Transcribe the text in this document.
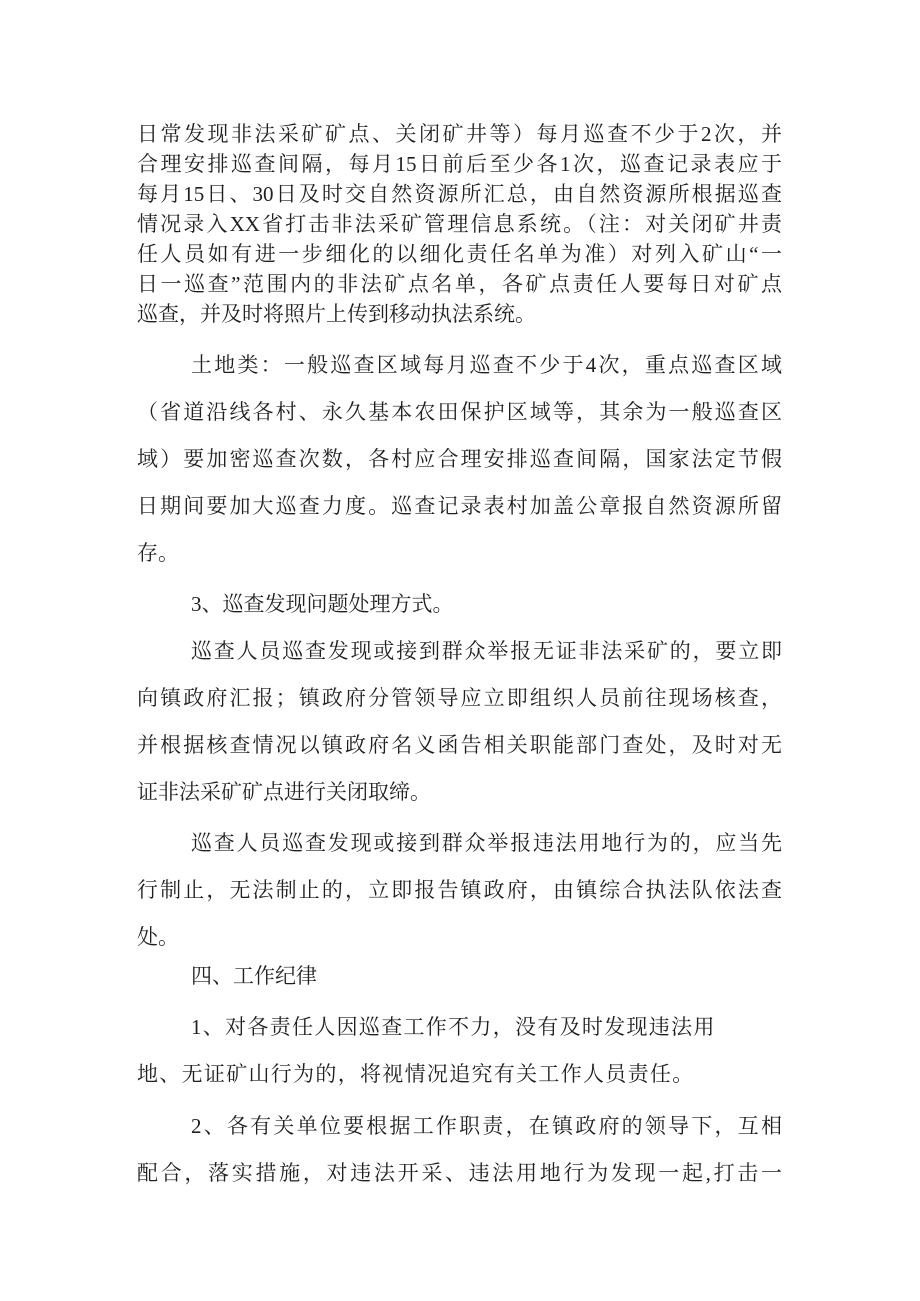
日常发现非法采矿矿点、关闭矿井等）每月巡查不少于2次，并
合理安排巡查间隔，每月15日前后至少各1次，巡查记录表应于
每月15日、30日及时交自然资源所汇总，由自然资源所根据巡查
情况录入XX省打击非法采矿管理信息系统。（注：对关闭矿井责
任人员如有进一步细化的以细化责任名单为准）对列入矿山“一
日一巡查”范围内的非法矿点名单，各矿点责任人要每日对矿点
巡查，并及时将照片上传到移动执法系统。
土地类：一般巡查区域每月巡查不少于4次，重点巡查区域
（省道沿线各村、永久基本农田保护区域等，其余为一般巡查区
域）要加密巡查次数，各村应合理安排巡查间隔，国家法定节假
日期间要加大巡查力度。巡查记录表村加盖公章报自然资源所留
存。
3、巡查发现问题处理方式。
巡查人员巡查发现或接到群众举报无证非法采矿的，要立即
向镇政府汇报；镇政府分管领导应立即组织人员前往现场核查，
并根据核查情况以镇政府名义函告相关职能部门查处，及时对无
证非法采矿矿点进行关闭取缔。
巡查人员巡查发现或接到群众举报违法用地行为的，应当先
行制止，无法制止的，立即报告镇政府，由镇综合执法队依法查
处。
四、工作纪律
1、对各责任人因巡查工作不力，没有及时发现违法用
地、无证矿山行为的，将视情况追究有关工作人员责任。
2、各有关单位要根据工作职责，在镇政府的领导下，互相
配合，落实措施，对违法开采、违法用地行为发现一起,打击一
